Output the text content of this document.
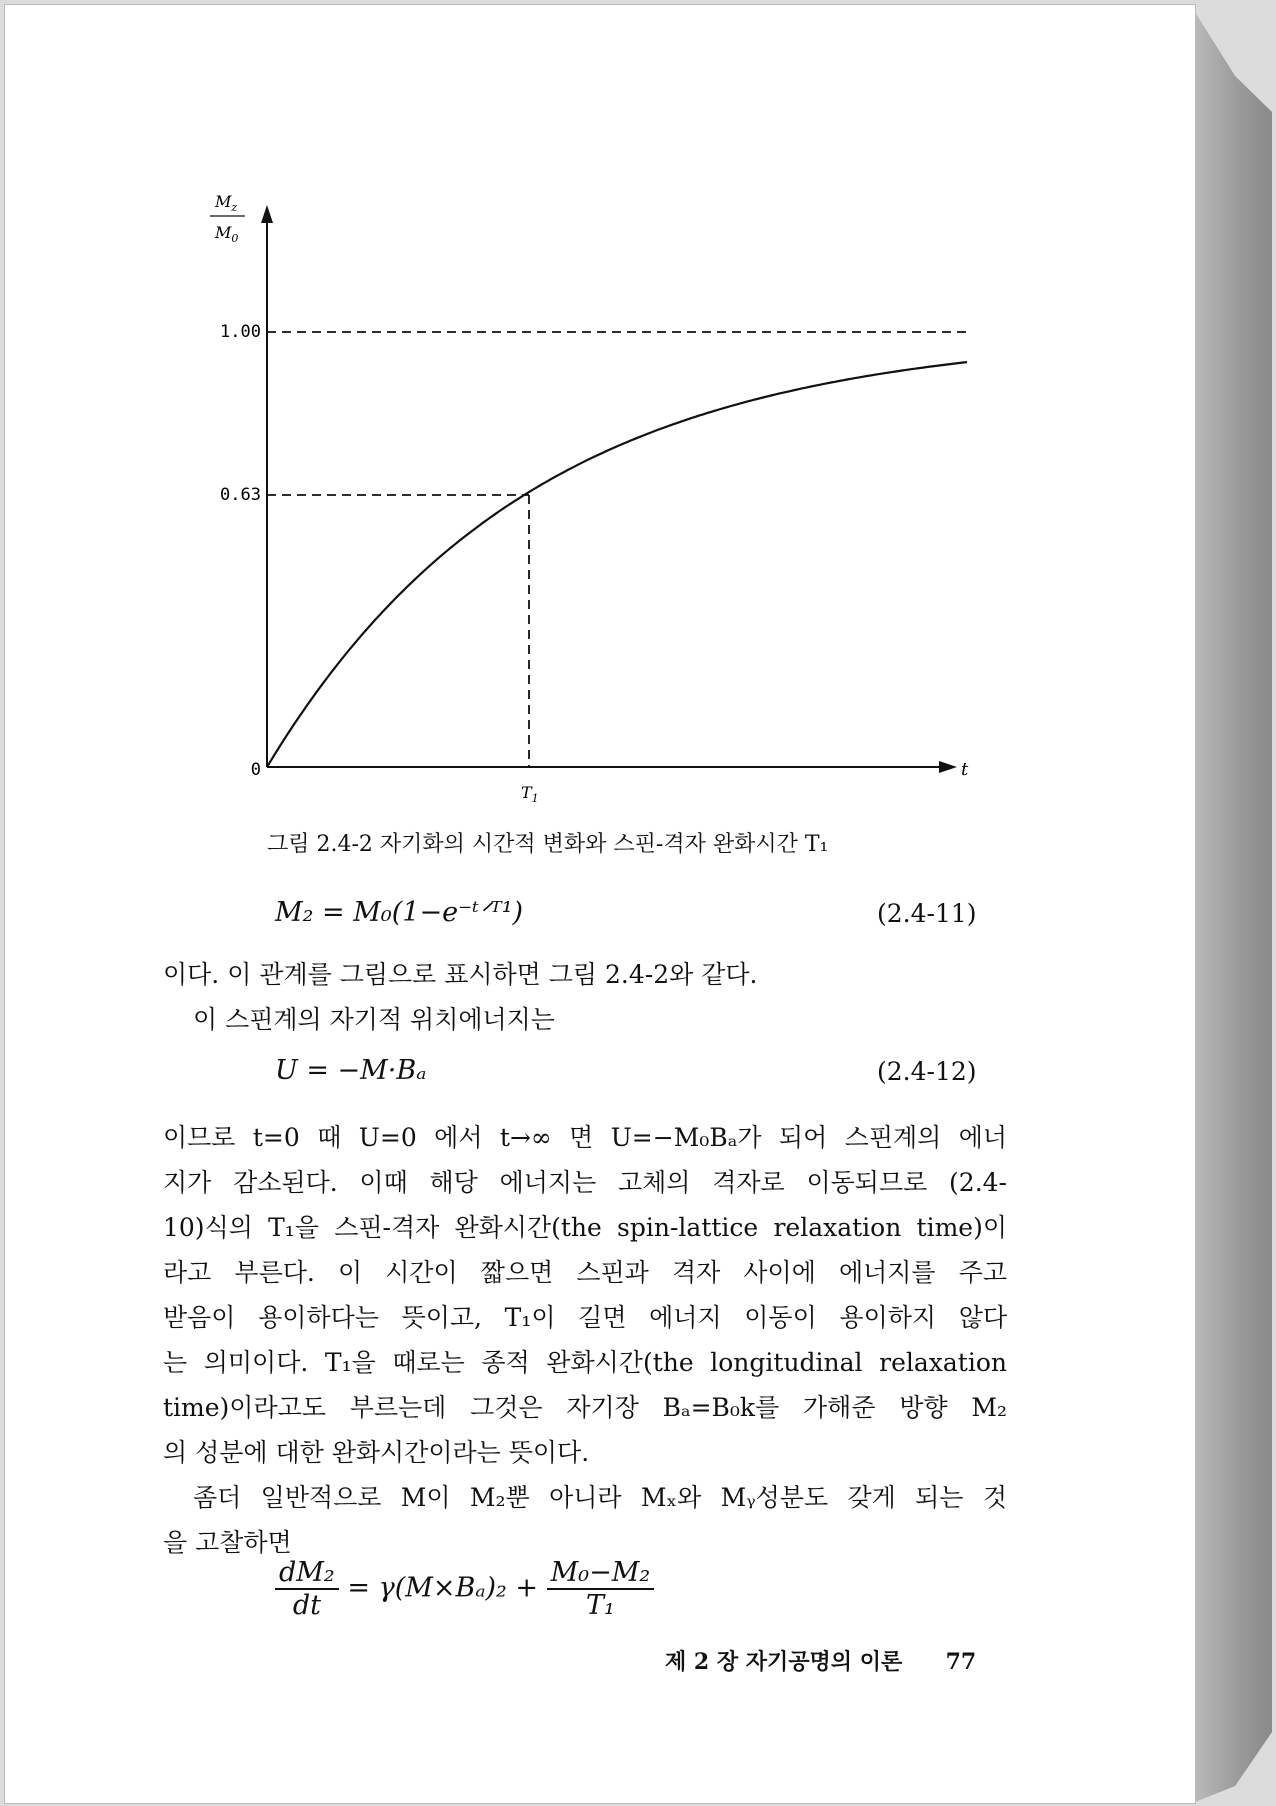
$M_z$
$M_0$
t
1.00
0.63
0
$T_1$
그림 2.4-2 자기화의 시간적 변화와 스핀-격자 완화시간 T₁
M₂ = M₀(1−e⁻ᵗᐟᵀ¹)	(2.4-11)
이다. 이 관계를 그림으로 표시하면 그림 2.4-2와 같다.
이 스핀계의 자기적 위치에너지는
U = −M·Bₐ	(2.4-12)
이므로 t=0 때 U=0 에서 t→∞ 면 U=−M₀Bₐ가 되어 스핀계의 에너
지가 감소된다. 이때 해당 에너지는 고체의 격자로 이동되므로 (2.4-
10)식의 T₁을 스핀-격자 완화시간(the spin-lattice relaxation time)이
라고 부른다. 이 시간이 짧으면 스핀과 격자 사이에 에너지를 주고
받음이 용이하다는 뜻이고, T₁이 길면 에너지 이동이 용이하지 않다
는 의미이다. T₁을 때로는 종적 완화시간(the longitudinal relaxation
time)이라고도 부르는데 그것은 자기장 Bₐ=B₀k를 가해준 방향 M₂
의 성분에 대한 완화시간이라는 뜻이다.
좀더 일반적으로 M이 M₂뿐 아니라 Mₓ와 Mᵧ성분도 갖게 되는 것
을 고찰하면
$\frac{\text{dM₂}}{dt} = \gamma(M\times B_a)_2 + \frac{\text{M₀−M₂}}{\text{T₁}}$
제 2 장 자기공명의 이론 77
